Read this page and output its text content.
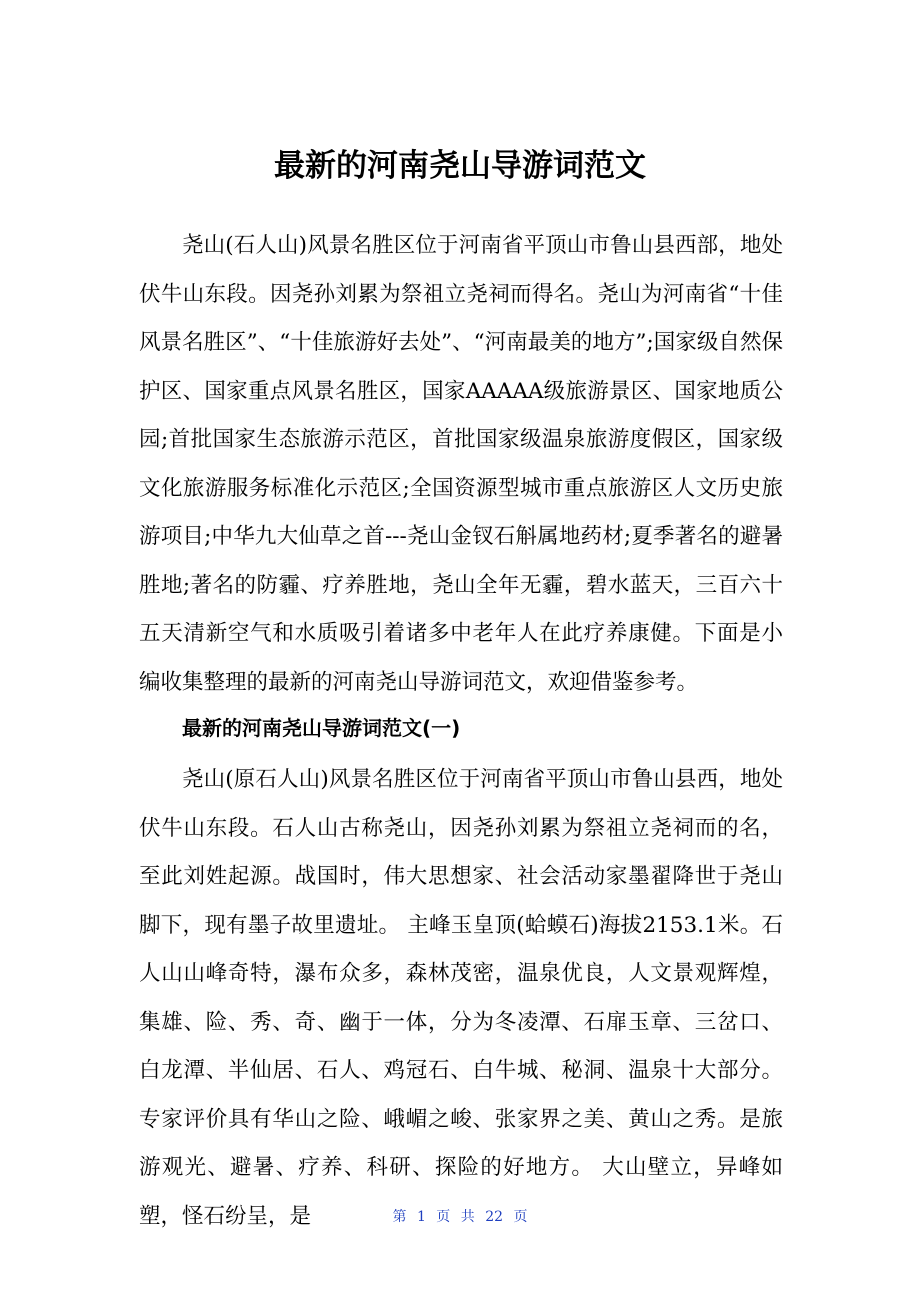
最新的河南尧山导游词范文

尧山(石人山)风景名胜区位于河南省平顶山市鲁山县西部，地处伏牛山东段。因尧孙刘累为祭祖立尧祠而得名。尧山为河南省“十佳风景名胜区”、“十佳旅游好去处”、“河南最美的地方”;国家级自然保护区、国家重点风景名胜区，国家AAAAA级旅游景区、国家地质公园;首批国家生态旅游示范区，首批国家级温泉旅游度假区，国家级文化旅游服务标准化示范区;全国资源型城市重点旅游区人文历史旅游项目;中华九大仙草之首---尧山金钗石斛属地药材;夏季著名的避暑胜地;著名的防霾、疗养胜地，尧山全年无霾，碧水蓝天，三百六十五天清新空气和水质吸引着诸多中老年人在此疗养康健。下面是小编收集整理的最新的河南尧山导游词范文，欢迎借鉴参考。

最新的河南尧山导游词范文(一)

尧山(原石人山)风景名胜区位于河南省平顶山市鲁山县西，地处伏牛山东段。石人山古称尧山，因尧孙刘累为祭祖立尧祠而的名，至此刘姓起源。战国时，伟大思想家、社会活动家墨翟降世于尧山脚下，现有墨子故里遗址。 主峰玉皇顶(蛤蟆石)海拔2153.1米。石人山山峰奇特，瀑布众多，森林茂密，温泉优良，人文景观辉煌，集雄、险、秀、奇、幽于一体，分为冬凌潭、石扉玉章、三岔口、白龙潭、半仙居、石人、鸡冠石、白牛城、秘洞、温泉十大部分。 专家评价具有华山之险、峨嵋之峻、张家界之美、黄山之秀。是旅游观光、避暑、疗养、科研、探险的好地方。 大山壁立，异峰如塑，怪石纷呈，是	第 1 页 共 22 页
